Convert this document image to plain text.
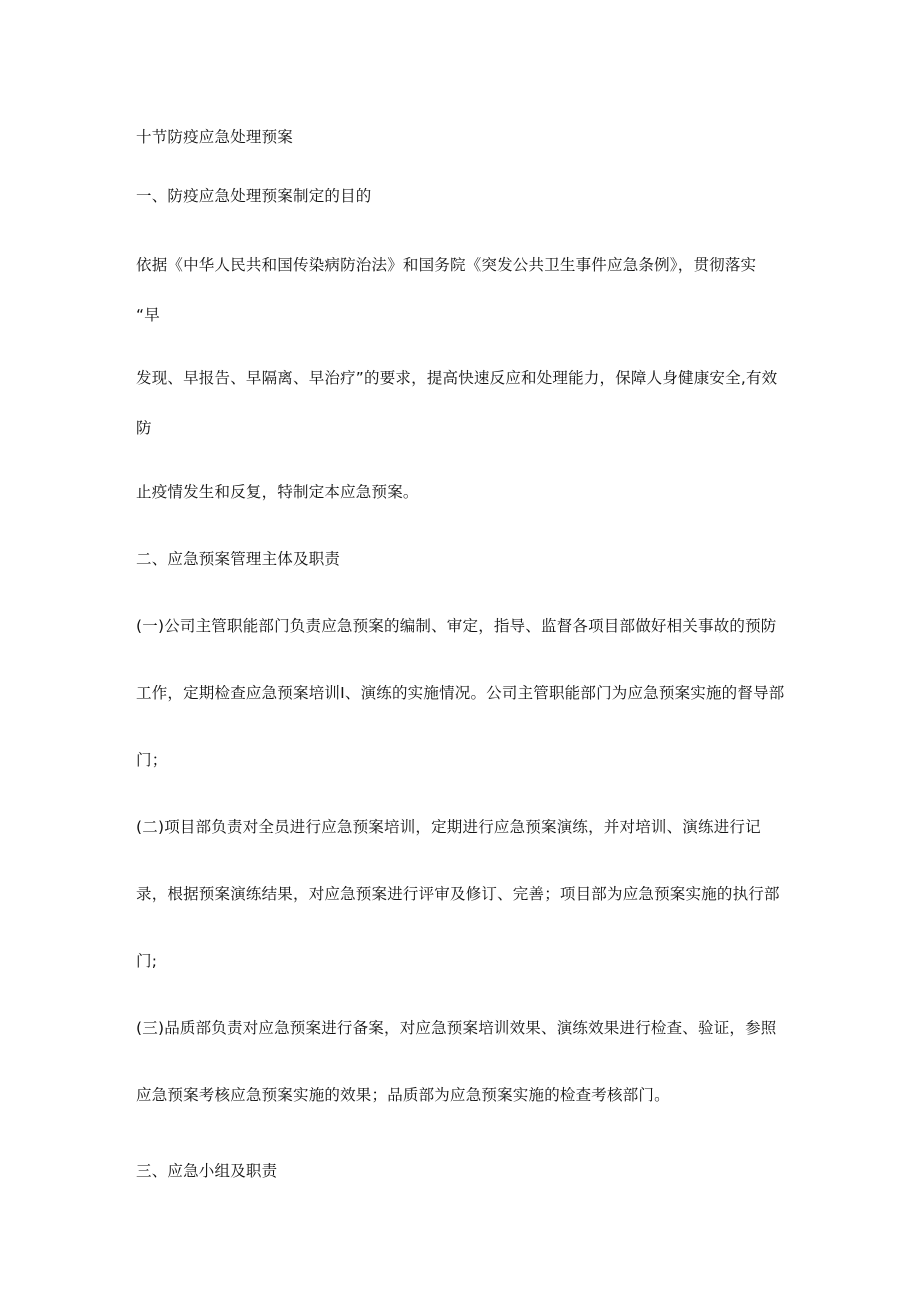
十节防疫应急处理预案

一、防疫应急处理预案制定的目的

依据《中华人民共和国传染病防治法》和国务院《突发公共卫生事件应急条例》，贯彻落实

“早

发现、早报告、早隔离、早治疗”的要求，提高快速反应和处理能力，保障人身健康安全,有效

防

止疫情发生和反复，特制定本应急预案。

二、应急预案管理主体及职责

(一)公司主管职能部门负责应急预案的编制、审定，指导、监督各项目部做好相关事故的预防

工作，定期检查应急预案培训I、演练的实施情况。公司主管职能部门为应急预案实施的督导部

门；

(二)项目部负责对全员进行应急预案培训，定期进行应急预案演练，并对培训、演练进行记

录，根据预案演练结果，对应急预案进行评审及修订、完善；项目部为应急预案实施的执行部

门;

(三)品质部负责对应急预案进行备案，对应急预案培训效果、演练效果进行检查、验证，参照

应急预案考核应急预案实施的效果；品质部为应急预案实施的检查考核部门。

三、应急小组及职责
